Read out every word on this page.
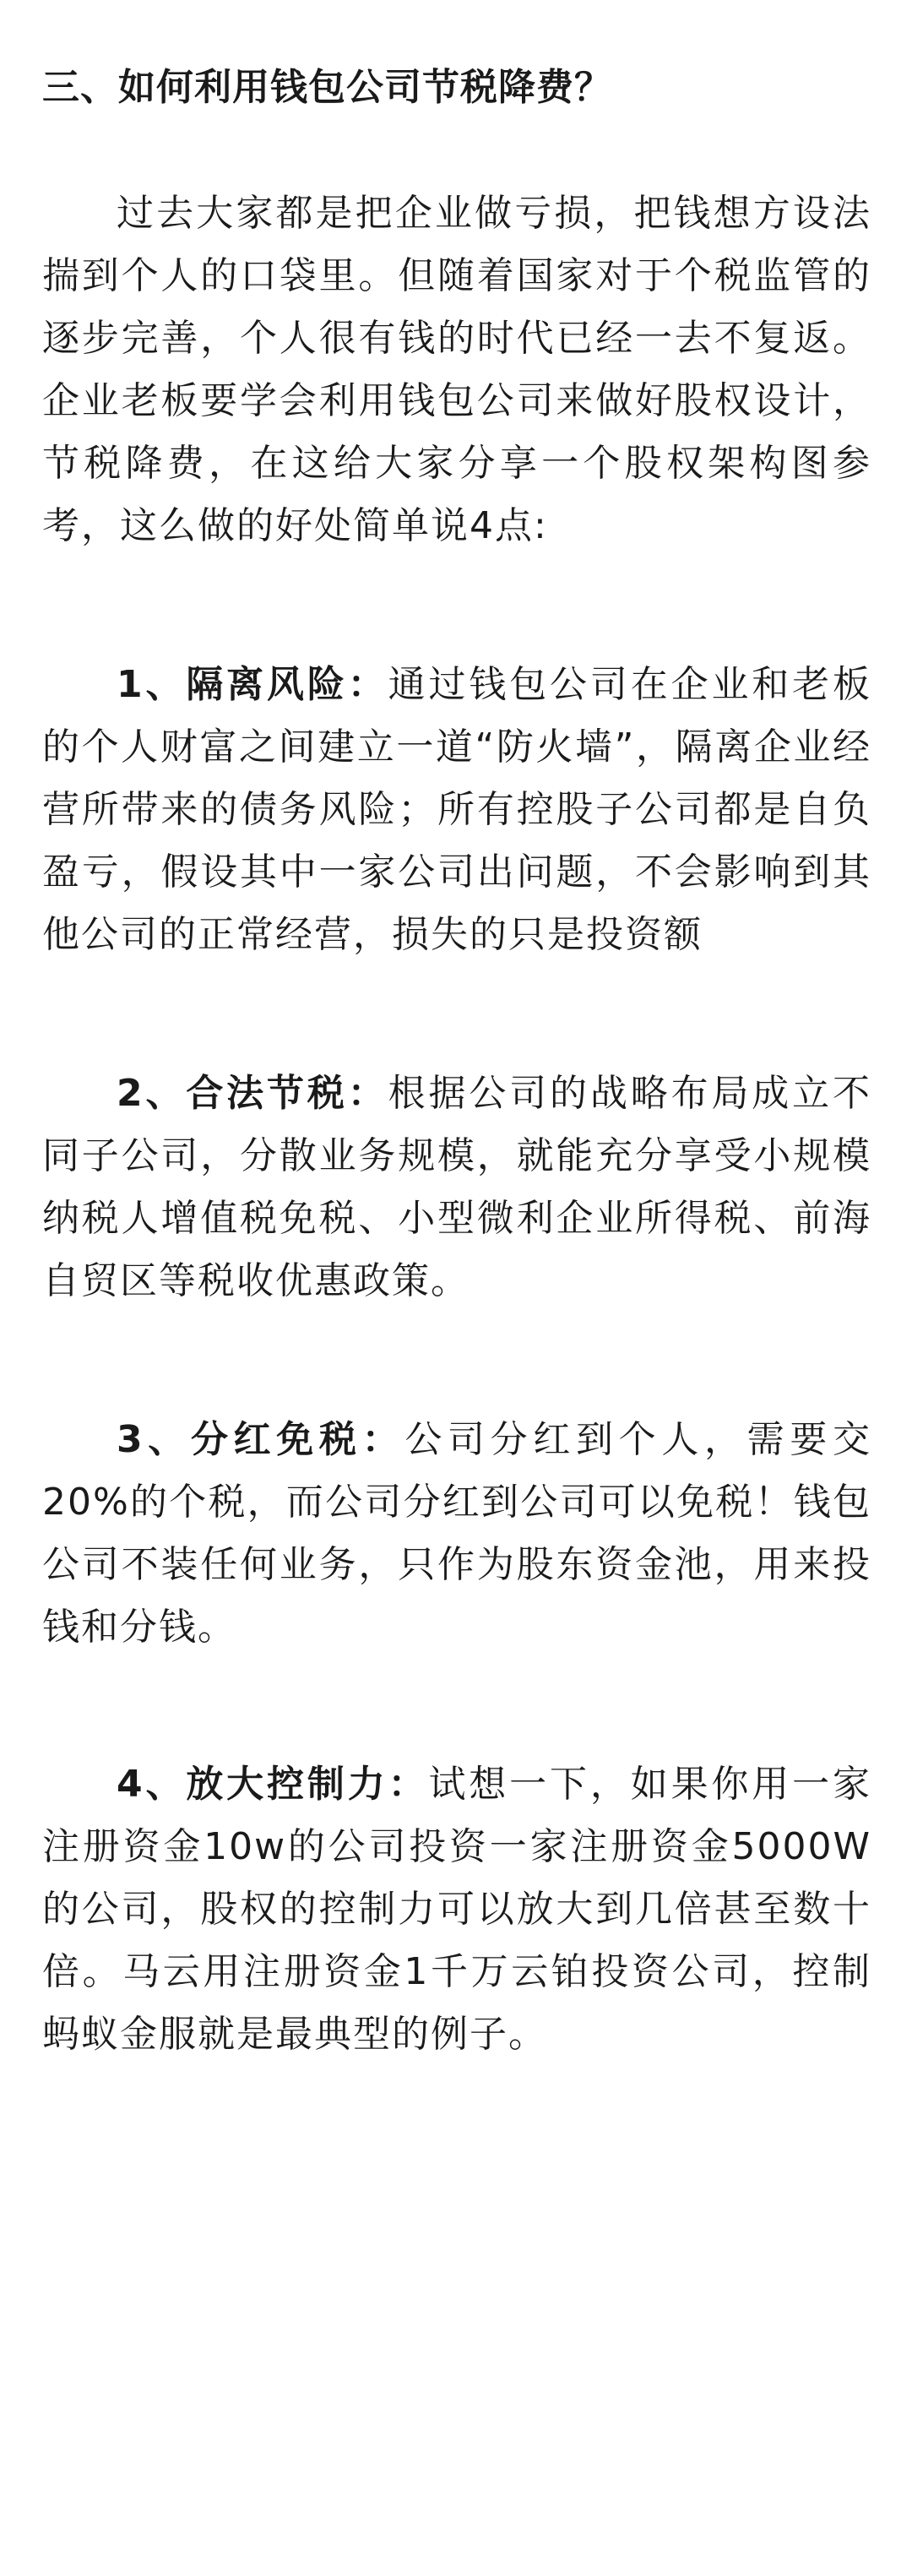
三、如何利用钱包公司节税降费？

过去大家都是把企业做亏损，把钱想方设法揣到个人的口袋里。但随着国家对于个税监管的逐步完善，个人很有钱的时代已经一去不复返。企业老板要学会利用钱包公司来做好股权设计，节税降费，在这给大家分享一个股权架构图参考，这么做的好处简单说4点:

1、隔离风险：通过钱包公司在企业和老板的个人财富之间建立一道“防火墙”，隔离企业经营所带来的债务风险；所有控股子公司都是自负盈亏，假设其中一家公司出问题，不会影响到其他公司的正常经营，损失的只是投资额

2、合法节税：根据公司的战略布局成立不同子公司，分散业务规模，就能充分享受小规模纳税人增值税免税、小型微利企业所得税、前海自贸区等税收优惠政策。

3、分红免税：公司分红到个人，需要交20%的个税，而公司分红到公司可以免税！钱包公司不装任何业务，只作为股东资金池，用来投钱和分钱。

4、放大控制力：试想一下，如果你用一家注册资金10w的公司投资一家注册资金5000W的公司，股权的控制力可以放大到几倍甚至数十倍。马云用注册资金1千万云铂投资公司，控制蚂蚁金服就是最典型的例子。
